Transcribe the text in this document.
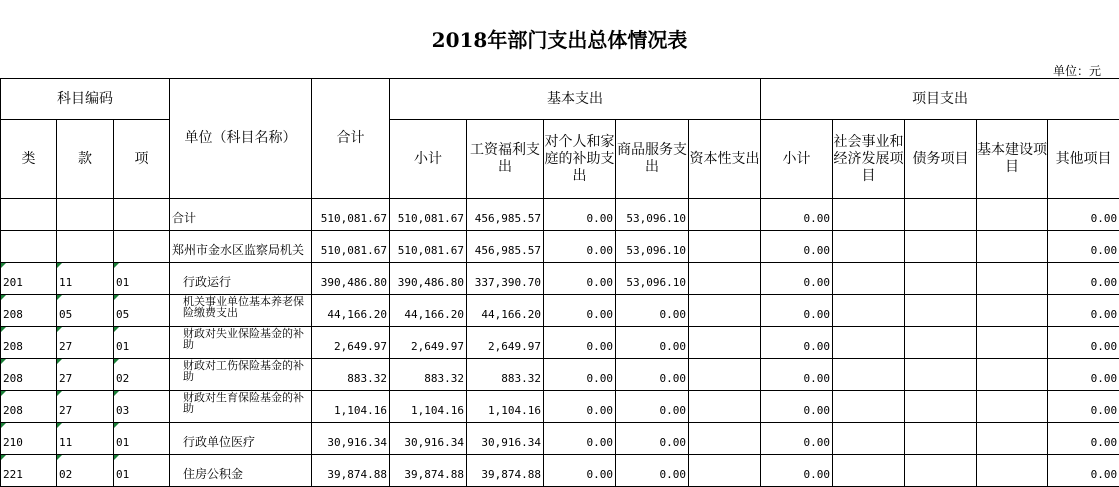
2018年部门支出总体情况表
单位：元
科目编码			单位（科目名称）	合计	基本支出					项目支出				
类	款	项			小计	工资福利支出	对个人和家庭的补助支出	商品服务支出	资本性支出	小计	社会事业和经济发展项目	债务项目	基本建设项目	其他项目
			合计	510,081.67	510,081.67	456,985.57	0.00	53,096.10		0.00				0.00
			郑州市金水区监察局机关	510,081.67	510,081.67	456,985.57	0.00	53,096.10		0.00				0.00
201	11	01	行政运行	390,486.80	390,486.80	337,390.70	0.00	53,096.10		0.00				0.00
208	05	05	机关事业单位基本养老保险缴费支出	44,166.20	44,166.20	44,166.20	0.00	0.00		0.00				0.00
208	27	01	财政对失业保险基金的补助	2,649.97	2,649.97	2,649.97	0.00	0.00		0.00				0.00
208	27	02	财政对工伤保险基金的补助	883.32	883.32	883.32	0.00	0.00		0.00				0.00
208	27	03	财政对生育保险基金的补助	1,104.16	1,104.16	1,104.16	0.00	0.00		0.00				0.00
210	11	01	行政单位医疗	30,916.34	30,916.34	30,916.34	0.00	0.00		0.00				0.00
221	02	01	住房公积金	39,874.88	39,874.88	39,874.88	0.00	0.00		0.00				0.00
